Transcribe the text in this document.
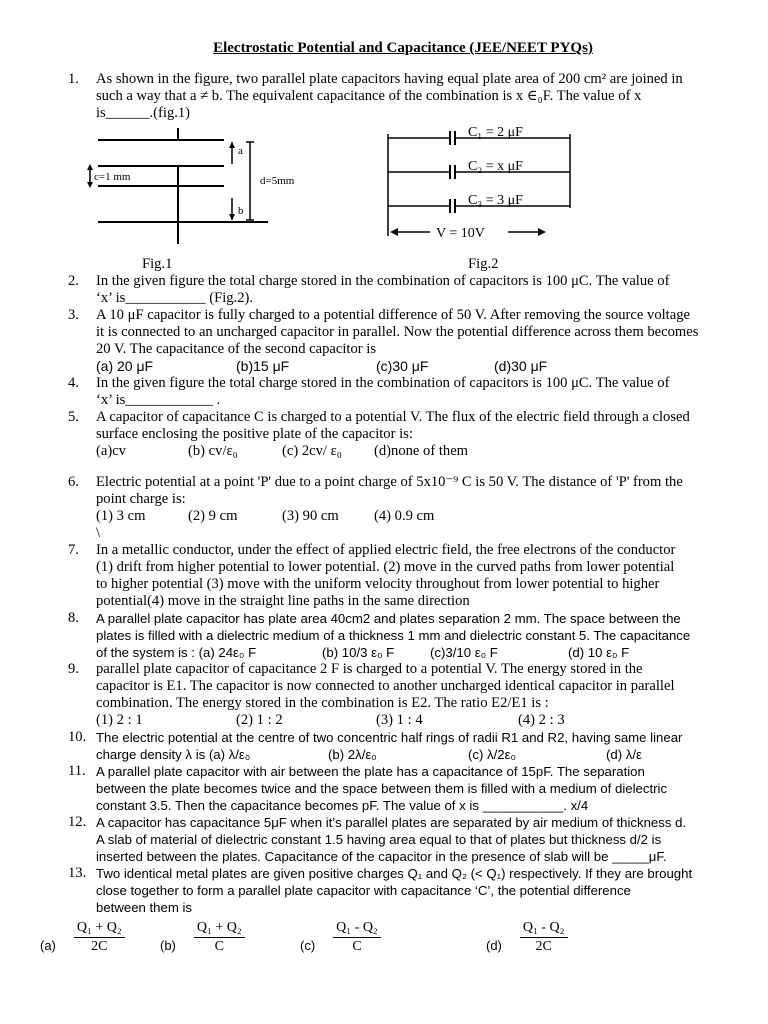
Electrostatic Potential and Capacitance (JEE/NEET PYQs)
1.	As shown in the figure, two parallel plate capacitors having equal plate area of 200 cm² are joined in
such a way that a ≠ b. The equivalent capacitance of the combination is x ∈₀F. The value of x
is______.(fig.1)
c=1 mm
a
b
d=5mm
C₁ = 2 μF
C₂ = x μF
C₃ = 3 μF
V = 10V
Fig.1	Fig.2
2.	In the given figure the total charge stored in the combination of capacitors is 100 μC. The value of
‘x’ is___________ (Fig.2).
3.	A 10 μF capacitor is fully charged to a potential difference of 50 V. After removing the source voltage
it is connected to an uncharged capacitor in parallel. Now the potential difference across them becomes
20 V. The capacitance of the second capacitor is
(a) 20 μF	(b)15 μF	(c)30 μF	(d)30 μF
4.	In the given figure the total charge stored in the combination of capacitors is 100 μC. The value of
‘x’ is____________ .
5.	A capacitor of capacitance C is charged to a potential V. The flux of the electric field through a closed
surface enclosing the positive plate of the capacitor is:
(a)cv	(b) cv/ε₀	(c) 2cv/ ε₀	(d)none of them
6.	Electric potential at a point 'P' due to a point charge of 5x10⁻⁹ C is 50 V. The distance of 'P' from the
point charge is:
(1) 3 cm	(2) 9 cm	(3) 90 cm	(4) 0.9 cm
\
7.	In a metallic conductor, under the effect of applied electric field, the free electrons of the conductor
(1) drift from higher potential to lower potential. (2) move in the curved paths from lower potential
to higher potential (3) move with the uniform velocity throughout from lower potential to higher
potential(4) move in the straight line paths in the same direction
8.	A parallel plate capacitor has plate area 40cm2 and plates separation 2 mm. The space between the
plates is filled with a dielectric medium of a thickness 1 mm and dielectric constant 5. The capacitance
of the system is : (a) 24ε₀ F	(b) 10/3 ε₀ F	(c)3/10 ε₀ F	(d) 10 ε₀ F
9.	parallel plate capacitor of capacitance 2 F is charged to a potential V. The energy stored in the
capacitor is E1. The capacitor is now connected to another uncharged identical capacitor in parallel
combination. The energy stored in the combination is E2. The ratio E2/E1 is :
(1) 2 : 1	(2) 1 : 2	(3) 1 : 4	(4) 2 : 3
10. The electric potential at the centre of two concentric half rings of radii R1 and R2, having same linear
charge density λ is (a) λ/ε₀	(b) 2λ/ε₀	(c) λ/2ε₀	(d) λ/ε
11. A parallel plate capacitor with air between the plate has a capacitance of 15pF. The separation
between the plate becomes twice and the space between them is filled with a medium of dielectric
constant 3.5. Then the capacitance becomes pF. The value of x is ___________. x/4
12. A capacitor has capacitance 5μF when it’s parallel plates are separated by air medium of thickness d.
A slab of material of dielectric constant 1.5 having area equal to that of plates but thickness d/2 is
inserted between the plates. Capacitance of the capacitor in the presence of slab will be _____μF.
13. Two identical metal plates are given positive charges Q₁ and Q₂ (< Q₁) respectively. If they are brought
close together to form a parallel plate capacitor with capacitance ‘C’, the potential difference
between them is
$(a) \frac{\text{Q₁ + Q₂}}{2C}$	$(b) \frac{\text{Q₁ + Q₂}}{C}$	$(c) \frac{\text{Q₁ - Q₂}}{C}$	$(d) \frac{\text{Q₁ - Q₂}}{2C}$
